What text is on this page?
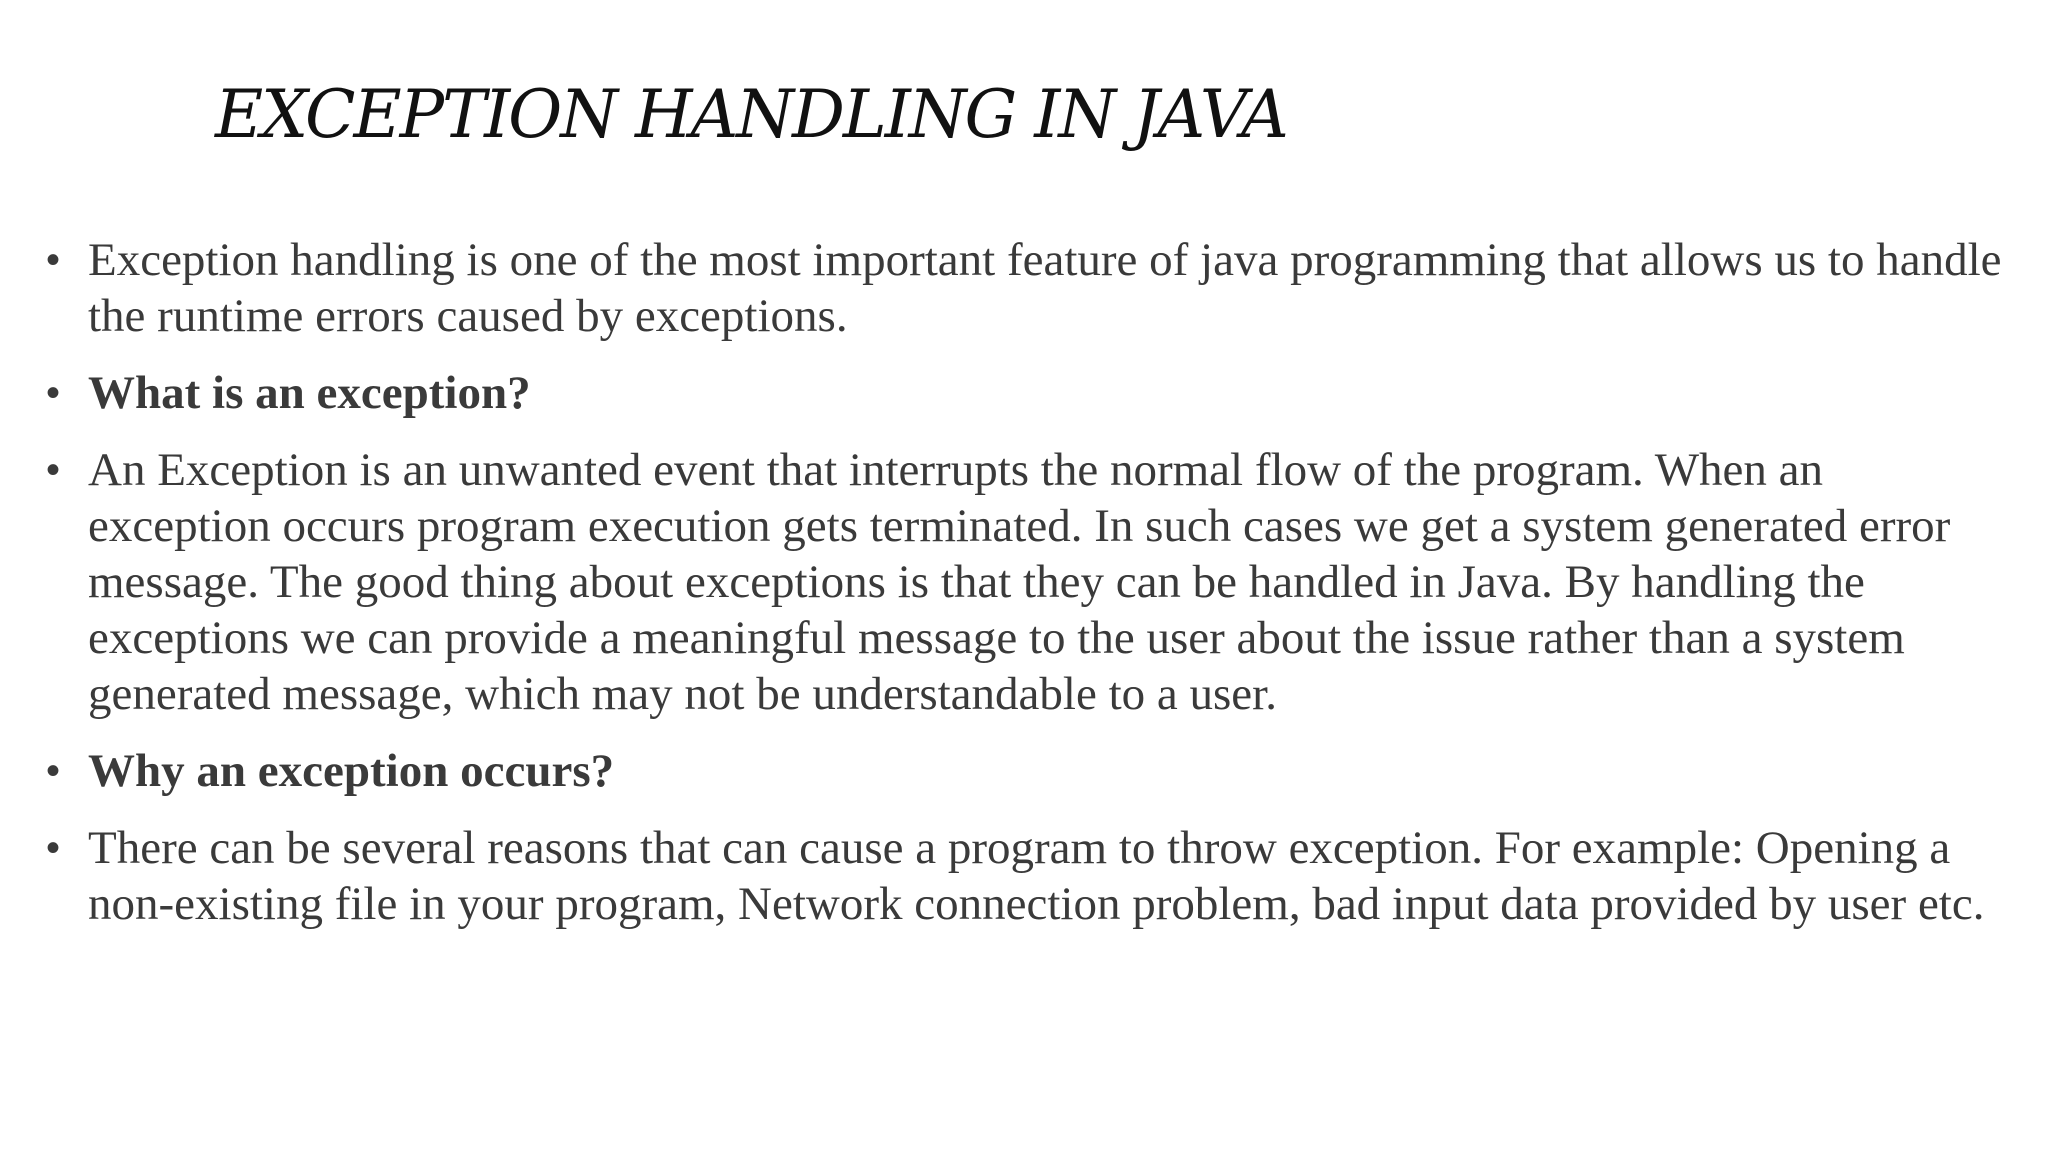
EXCEPTION HANDLING IN JAVA
• Exception handling is one of the most important feature of java programming that allows us to handle the runtime errors caused by exceptions.
• What is an exception?
• An Exception is an unwanted event that interrupts the normal flow of the program. When an exception occurs program execution gets terminated. In such cases we get a system generated error message. The good thing about exceptions is that they can be handled in Java. By handling the exceptions we can provide a meaningful message to the user about the issue rather than a system generated message, which may not be understandable to a user.
• Why an exception occurs?
• There can be several reasons that can cause a program to throw exception. For example: Opening a non-existing file in your program, Network connection problem, bad input data provided by user etc.
